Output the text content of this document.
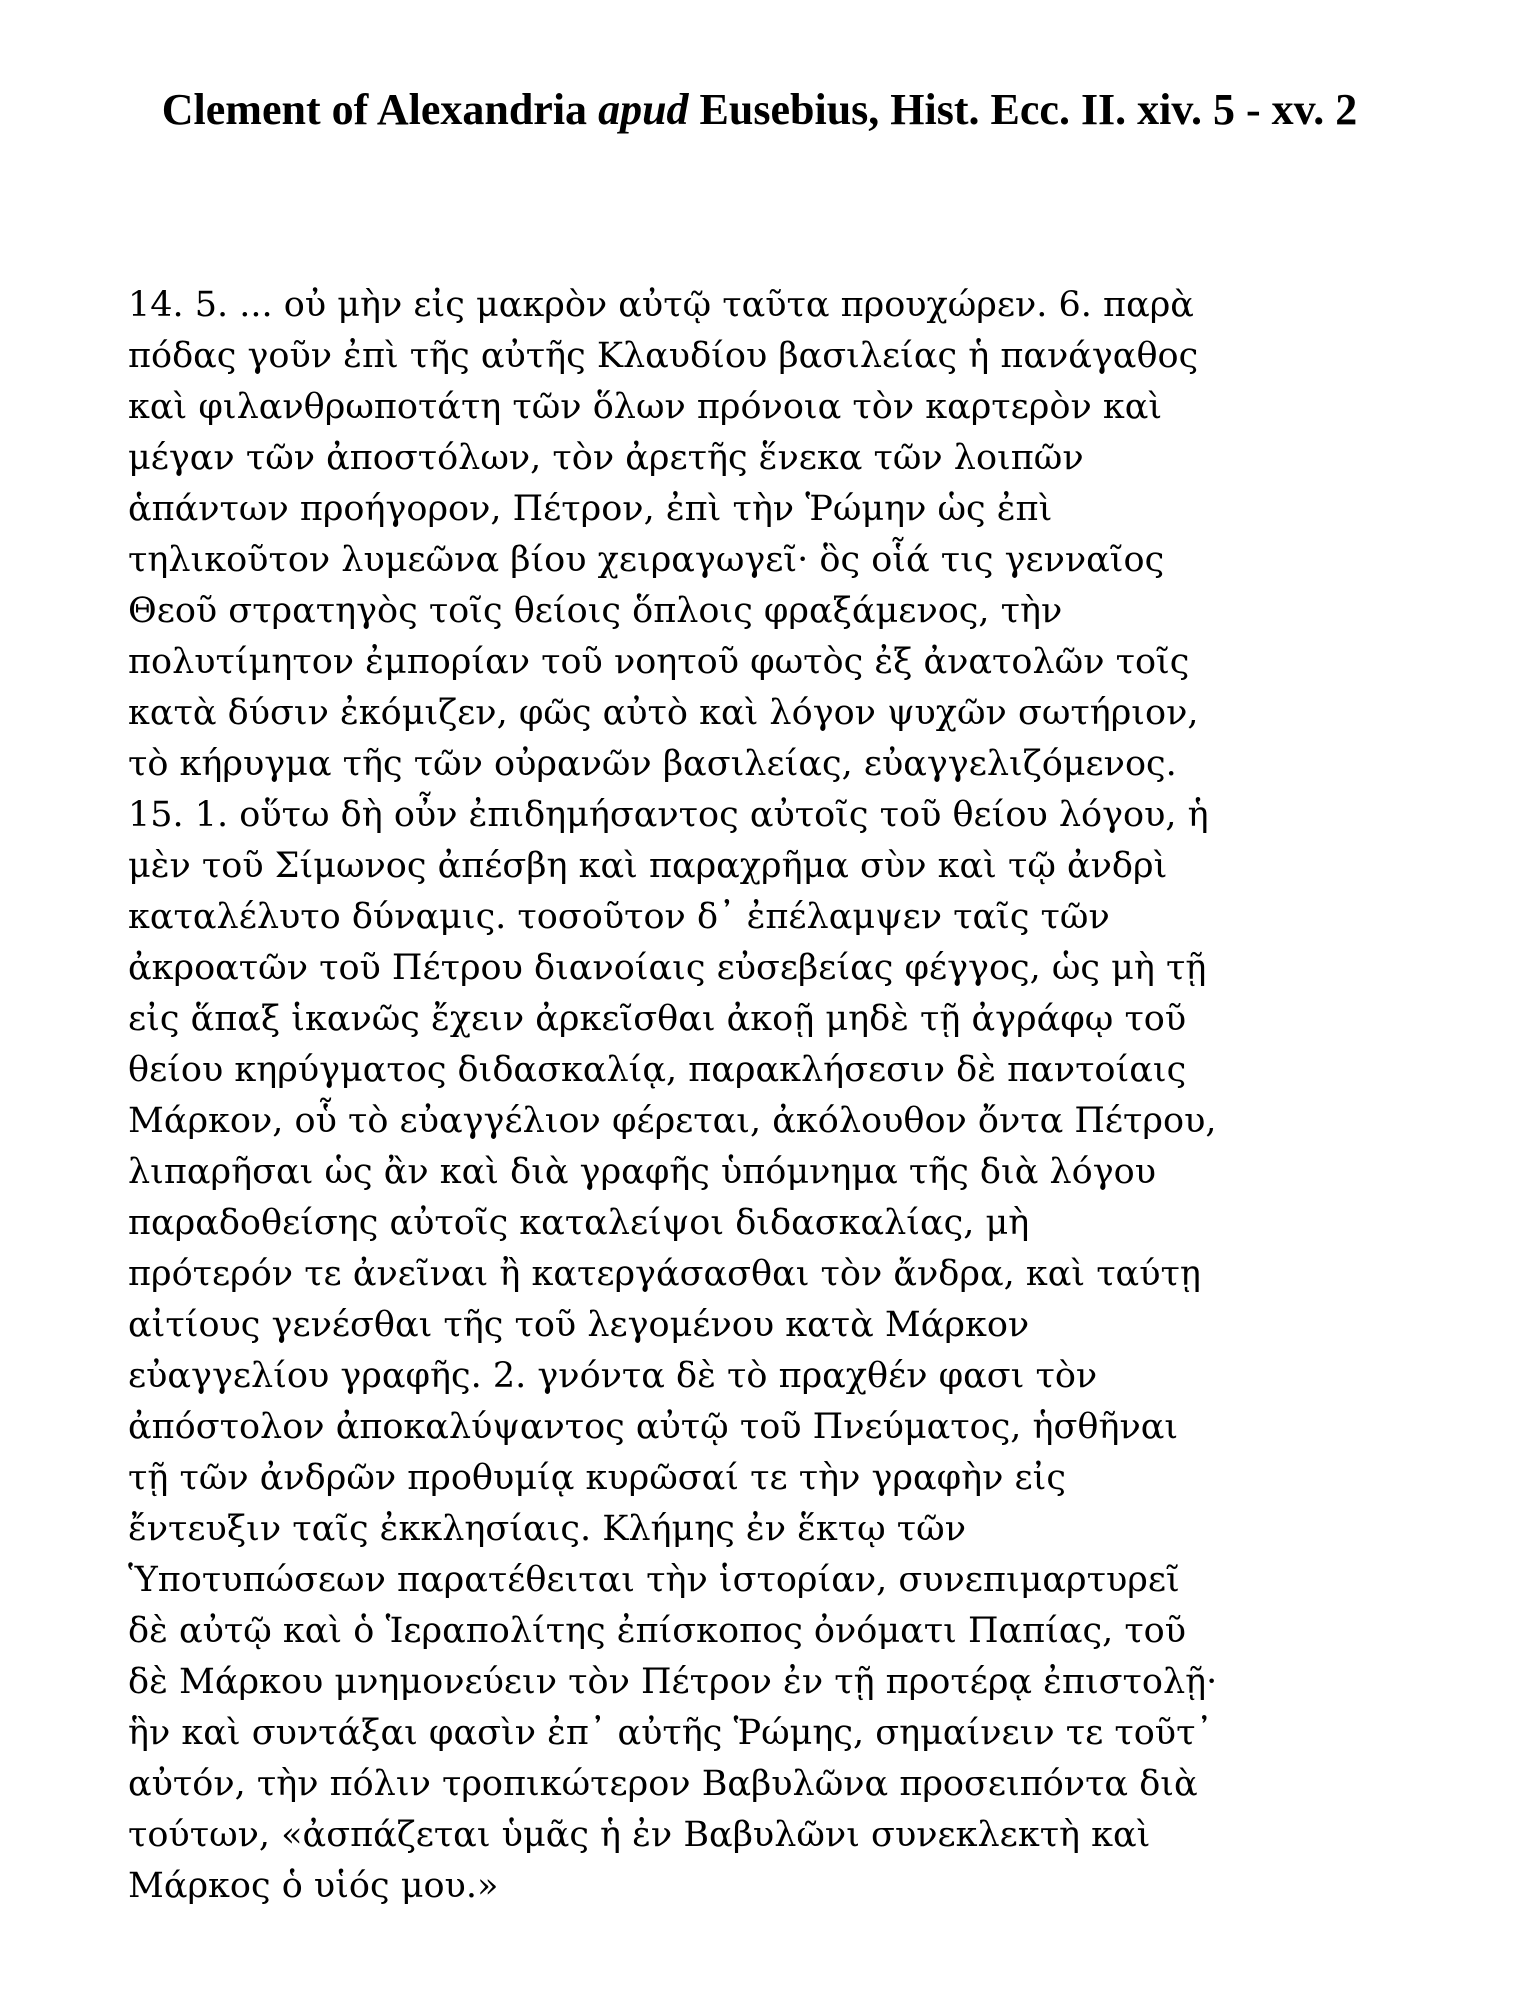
Clement of Alexandria apud Eusebius, Hist. Ecc. II. xiv. 5 - xv. 2
14. 5. ... οὐ μὴν εἰς μακρὸν αὐτῷ ταῦτα προυχώρεν. 6. παρὰ
πόδας γοῦν ἐπὶ τῆς αὐτῆς Κλαυδίου βασιλείας ἡ πανάγαθος
καὶ φιλανθρωποτάτη τῶν ὅλων πρόνοια τὸν καρτερὸν καὶ
μέγαν τῶν ἀποστόλων, τὸν ἀρετῆς ἕνεκα τῶν λοιπῶν
ἁπάντων προήγορον, Πέτρον, ἐπὶ τὴν Ῥώμην ὡς ἐπὶ
τηλικοῦτον λυμεῶνα βίου χειραγωγεῖ· ὃς οἷά τις γενναῖος
Θεοῦ στρατηγὸς τοῖς θείοις ὅπλοις φραξάμενος, τὴν
πολυτίμητον ἐμπορίαν τοῦ νοητοῦ φωτὸς ἐξ ἀνατολῶν τοῖς
κατὰ δύσιν ἐκόμιζεν, φῶς αὐτὸ καὶ λόγον ψυχῶν σωτήριον,
τὸ κήρυγμα τῆς τῶν οὐρανῶν βασιλείας, εὐαγγελιζόμενος.
15. 1. οὕτω δὴ οὖν ἐπιδημήσαντος αὐτοῖς τοῦ θείου λόγου, ἡ
μὲν τοῦ Σίμωνος ἀπέσβη καὶ παραχρῆμα σὺν καὶ τῷ ἀνδρὶ
καταλέλυτο δύναμις. τοσοῦτον δ᾽ ἐπέλαμψεν ταῖς τῶν
ἀκροατῶν τοῦ Πέτρου διανοίαις εὐσεβείας φέγγος, ὡς μὴ τῇ
εἰς ἅπαξ ἱκανῶς ἔχειν ἀρκεῖσθαι ἀκοῇ μηδὲ τῇ ἀγράφῳ τοῦ
θείου κηρύγματος διδασκαλίᾳ, παρακλήσεσιν δὲ παντοίαις
Μάρκον, οὗ τὸ εὐαγγέλιον φέρεται, ἀκόλουθον ὄντα Πέτρου,
λιπαρῆσαι ὡς ἂν καὶ διὰ γραφῆς ὑπόμνημα τῆς διὰ λόγου
παραδοθείσης αὐτοῖς καταλείψοι διδασκαλίας, μὴ
πρότερόν τε ἀνεῖναι ἢ κατεργάσασθαι τὸν ἄνδρα, καὶ ταύτῃ
αἰτίους γενέσθαι τῆς τοῦ λεγομένου κατὰ Μάρκον
εὐαγγελίου γραφῆς. 2. γνόντα δὲ τὸ πραχθέν φασι τὸν
ἀπόστολον ἀποκαλύψαντος αὐτῷ τοῦ Πνεύματος, ἡσθῆναι
τῇ τῶν ἀνδρῶν προθυμίᾳ κυρῶσαί τε τὴν γραφὴν εἰς
ἔντευξιν ταῖς ἐκκλησίαις. Κλήμης ἐν ἕκτῳ τῶν
Ὑποτυπώσεων παρατέθειται τὴν ἱστορίαν, συνεπιμαρτυρεῖ
δὲ αὐτῷ καὶ ὁ Ἱεραπολίτης ἐπίσκοπος ὀνόματι Παπίας, τοῦ
δὲ Μάρκου μνημονεύειν τὸν Πέτρον ἐν τῇ προτέρᾳ ἐπιστολῇ·
ἣν καὶ συντάξαι φασὶν ἐπ᾽ αὐτῆς Ῥώμης, σημαίνειν τε τοῦτ᾽
αὐτόν, τὴν πόλιν τροπικώτερον Βαβυλῶνα προσειπόντα διὰ
τούτων, «ἀσπάζεται ὑμᾶς ἡ ἐν Βαβυλῶνι συνεκλεκτὴ καὶ
Μάρκος ὁ υἱός μου.»
